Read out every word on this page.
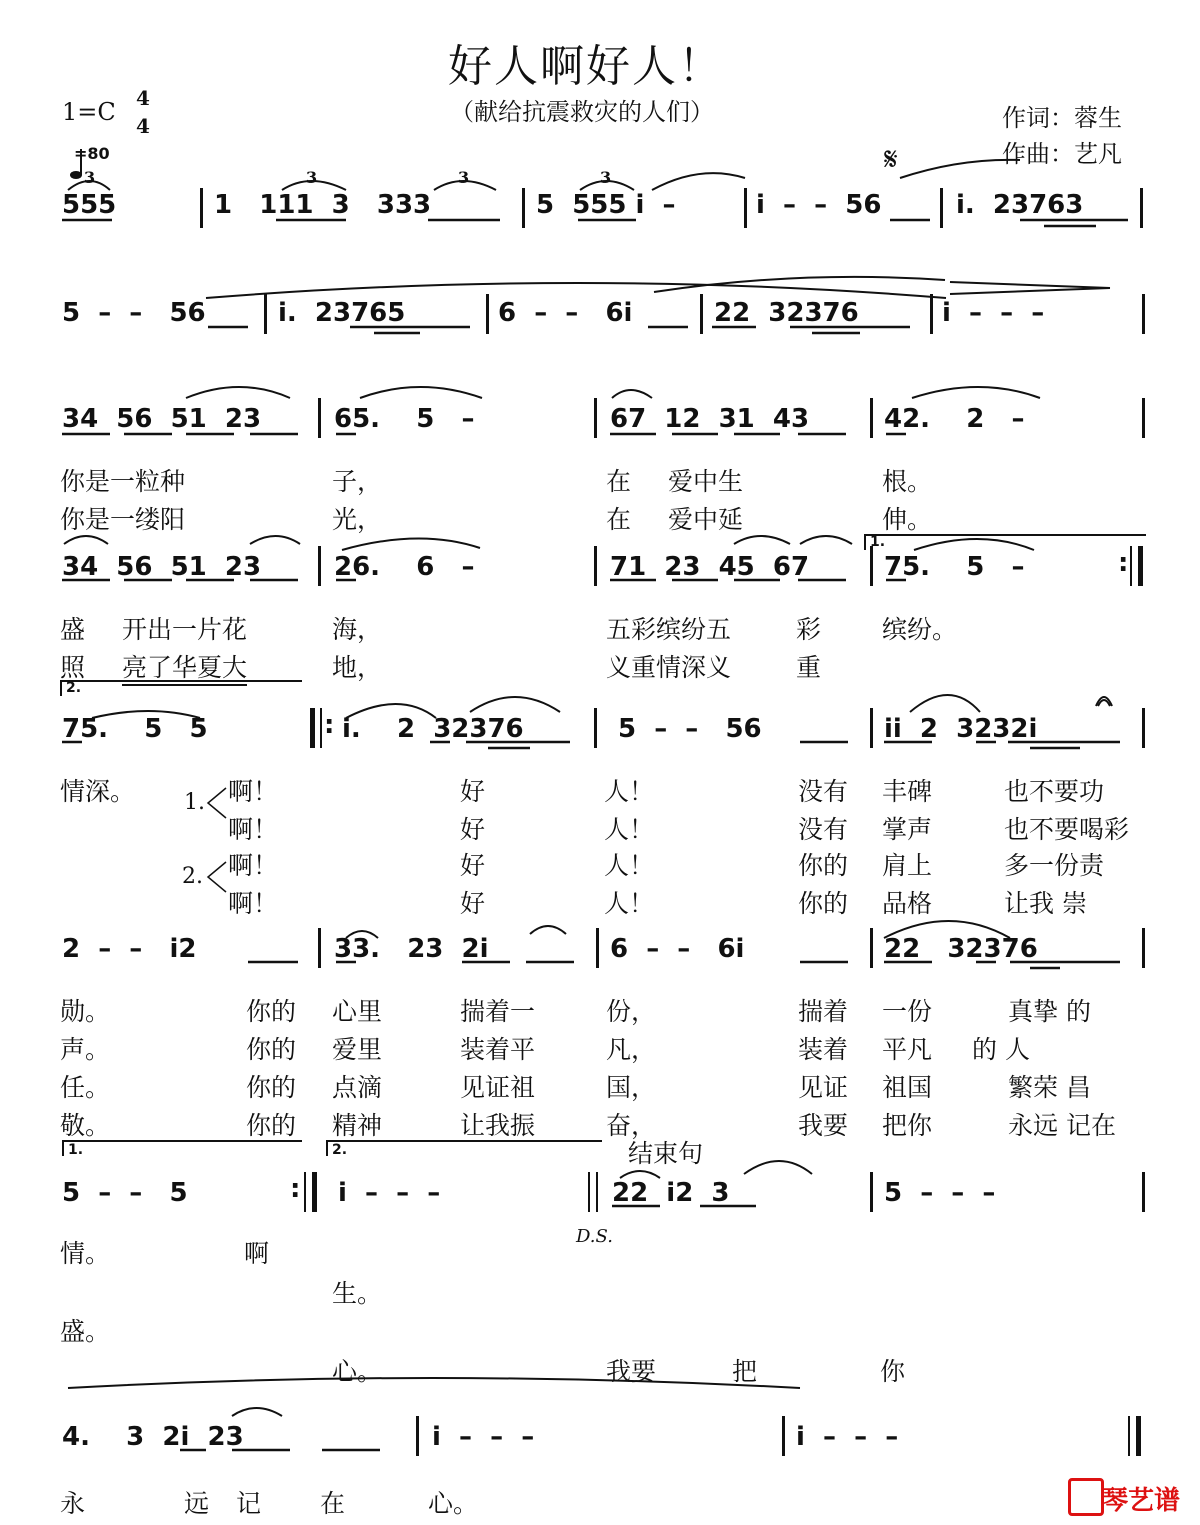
好人啊好人！
（献给抗震救灾的人们）
1=C 4
4

=80
作词：蓉生
作曲：艺凡
𝄋
3	3	3	3
555	1   111  3   333	5  555 i  –	i  –  –  56	i.  23763
5  –  –   56	i.  23765	6  –  –   6i	22  32376	i  –  –  –
34  56  51  23	65.    5   –	67  12  31  43	42.    2   –
你是一粒种	子，	在 爱中生	根。
你是一缕阳	光，	在 爱中延	伸。
1.
34  56  51  23	26.    6   –	71  23  45  67	75.    5   –	:
盛 开出一片花	海，	五彩缤纷五	彩 缤纷。
照 亮了华夏大	地，	义重情深义	重
2.
75.    5   5	: i.    2  32376	5  –  –   56	ii  2  3232i
情深。 1.
2.
啊！	好	人！	没有 丰碑	也不要功
啊！	好	人！	没有 掌声	也不要喝彩
啊！	好	人！	你的 肩上	多一份责
啊！	好	人！	你的 品格	让我 崇
2  –  –   i2	33.   23  2i	6  –  –   6i	22   32376
勋。	你的 心里	揣着一	份，	揣着 一份	真挚 的
声。	你的 爱里	装着平	凡，	装着 平凡 的 人
任。	你的 点滴	见证祖	国，	见证 祖国	繁荣 昌
敬。	你的 精神	让我振	奋，	我要 把你	永远 记在
1.	2.	结束句
5  –  –   5	: i  –  –  –	22  i2  3	5  –  –  –
D.S.
情。	啊
生。
盛。
心。	我要	把	你
4.    3  2i  23	i  –  –  –	i  –  –  –
永	远 记 在	心。	琴艺谱
